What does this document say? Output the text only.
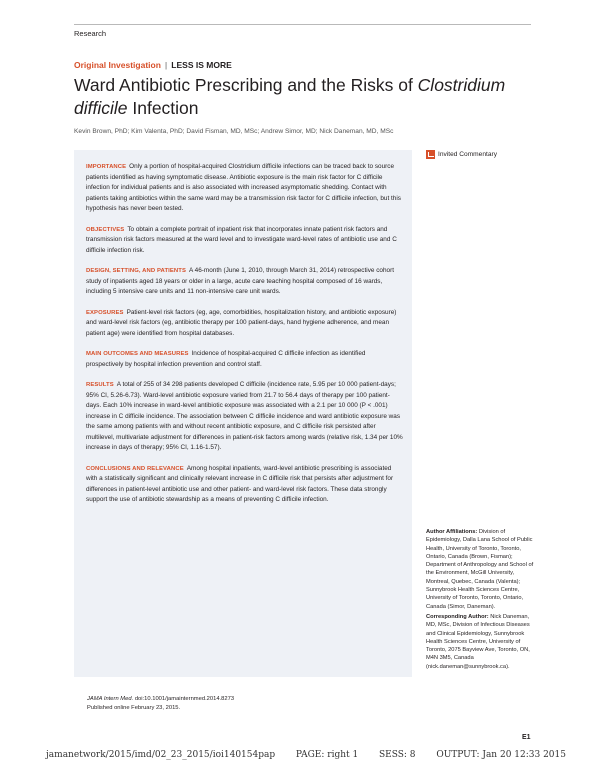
Research
Original Investigation | LESS IS MORE
Ward Antibiotic Prescribing and the Risks of Clostridium difficile Infection
Kevin Brown, PhD; Kim Valenta, PhD; David Fisman, MD, MSc; Andrew Simor, MD; Nick Daneman, MD, MSc
Invited Commentary

IMPORTANCE Only a portion of hospital-acquired Clostridium difficile infections can be traced back to source patients identified as having symptomatic disease. Antibiotic exposure is the main risk factor for C difficile infection for individual patients and is also associated with increased asymptomatic shedding. Contact with patients taking antibiotics within the same ward may be a transmission risk factor for C difficile infection, but this hypothesis has never been tested.

OBJECTIVES To obtain a complete portrait of inpatient risk that incorporates innate patient risk factors and transmission risk factors measured at the ward level and to investigate ward-level rates of antibiotic use and C difficile infection risk.

DESIGN, SETTING, AND PATIENTS A 46-month (June 1, 2010, through March 31, 2014) retrospective cohort study of inpatients aged 18 years or older in a large, acute care teaching hospital composed of 16 wards, including 5 intensive care units and 11 non-intensive care unit wards.

EXPOSURES Patient-level risk factors (eg, age, comorbidities, hospitalization history, and antibiotic exposure) and ward-level risk factors (eg, antibiotic therapy per 100 patient-days, hand hygiene adherence, and mean patient age) were identified from hospital databases.

MAIN OUTCOMES AND MEASURES Incidence of hospital-acquired C difficile infection as identified prospectively by hospital infection prevention and control staff.

RESULTS A total of 255 of 34 298 patients developed C difficile (incidence rate, 5.95 per 10 000 patient-days; 95% CI, 5.26-6.73). Ward-level antibiotic exposure varied from 21.7 to 56.4 days of therapy per 100 patient-days. Each 10% increase in ward-level antibiotic exposure was associated with a 2.1 per 10 000 (P < .001) increase in C difficile incidence. The association between C difficile incidence and ward antibiotic exposure was the same among patients with and without recent antibiotic exposure, and C difficile risk persisted after multilevel, multivariate adjustment for differences in patient-risk factors among wards (relative risk, 1.34 per 10% increase in days of therapy; 95% CI, 1.16-1.57).

CONCLUSIONS AND RELEVANCE Among hospital inpatients, ward-level antibiotic prescribing is associated with a statistically significant and clinically relevant increase in C difficile risk that persists after adjustment for differences in patient-level antibiotic use and other patient- and ward-level risk factors. These data strongly support the use of antibiotic stewardship as a means of preventing C difficile infection.

Author Affiliations: Division of Epidemiology, Dalla Lana School of Public Health, University of Toronto, Toronto, Ontario, Canada (Brown, Fisman); Department of Anthropology and School of the Environment, McGill University, Montreal, Quebec, Canada (Valenta); Sunnybrook Health Sciences Centre, University of Toronto, Toronto, Ontario, Canada (Simor, Daneman).
Corresponding Author: Nick Daneman, MD, MSc, Division of Infectious Diseases and Clinical Epidemiology, Sunnybrook Health Sciences Centre, University of Toronto, 2075 Bayview Ave, Toronto, ON, M4N 3M5, Canada (nick.daneman@sunnybrook.ca).
JAMA Intern Med. doi:10.1001/jamainternmed.2014.8273
Published online February 23, 2015.
E1
jamanetwork/2015/imd/02_23_2015/ioi140154pap PAGE: right 1 SESS: 8 OUTPUT: Jan 20 12:33 2015
